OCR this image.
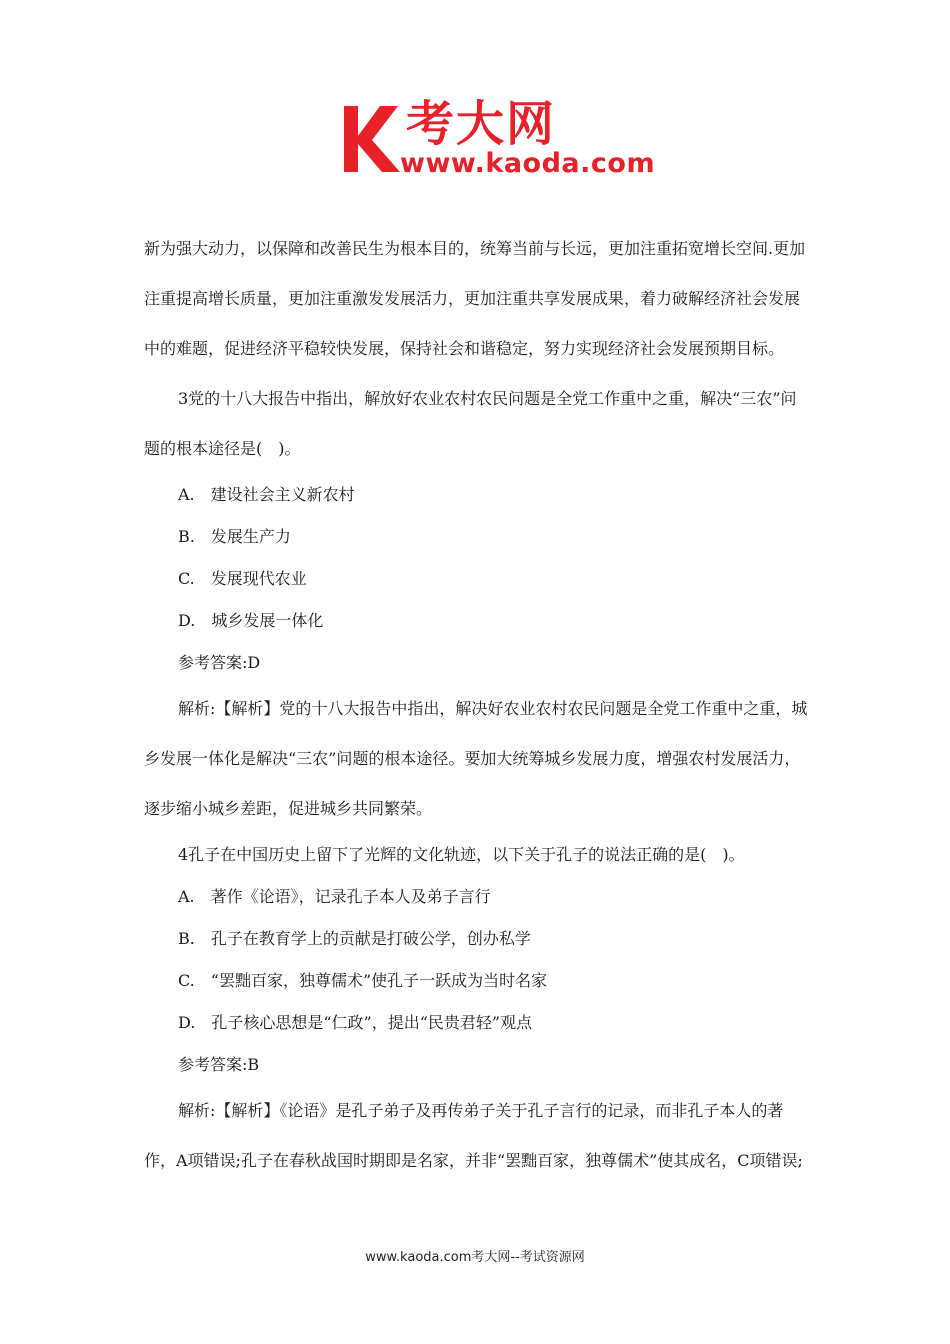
考大网
www.kaoda.com

新为强大动力，以保障和改善民生为根本目的，统筹当前与长远，更加注重拓宽增长空间.更加注重提高增长质量，更加注重激发发展活力，更加注重共享发展成果，着力破解经济社会发展中的难题，促进经济平稳较快发展，保持社会和谐稳定，努力实现经济社会发展预期目标。

3党的十八大报告中指出，解放好农业农村农民问题是全党工作重中之重，解决“三农”问题的根本途径是(　)。

A.　建设社会主义新农村

B.　发展生产力

C.　发展现代农业

D.　城乡发展一体化

参考答案:D

解析:【解析】党的十八大报告中指出，解决好农业农村农民问题是全党工作重中之重，城乡发展一体化是解决“三农”问题的根本途径。要加大统筹城乡发展力度，增强农村发展活力，逐步缩小城乡差距，促进城乡共同繁荣。

4孔子在中国历史上留下了光辉的文化轨迹，以下关于孔子的说法正确的是(　)。

A.　著作《论语》，记录孔子本人及弟子言行

B.　孔子在教育学上的贡献是打破公学，创办私学

C.　“罢黜百家，独尊儒术”使孔子一跃成为当时名家

D.　孔子核心思想是“仁政”，提出“民贵君轻”观点

参考答案:B

解析:【解析】《论语》是孔子弟子及再传弟子关于孔子言行的记录，而非孔子本人的著作，A项错误;孔子在春秋战国时期即是名家，并非“罢黜百家，独尊儒术”使其成名，C项错误;

www.kaoda.com考大网--考试资源网
